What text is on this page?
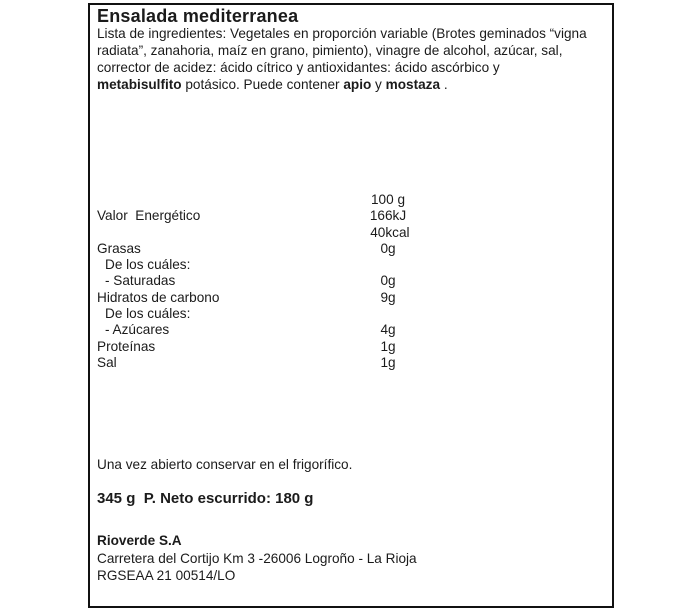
Ensalada mediterranea
Lista de ingredientes: Vegetales en proporción variable (Brotes geminados “vigna
radiata”, zanahoria, maíz en grano, pimiento), vinagre de alcohol, azúcar, sal,
corrector de acidez: ácido cítrico y antioxidantes: ácido ascórbico y
metabisulfito potásico. Puede contener apio y mostaza .
100 g
Valor  Energético	166kJ
40kcal
Grasas	0g
De los cuáles:
- Saturadas	0g
Hidratos de carbono	9g
De los cuáles:
- Azúcares	4g
Proteínas	1g
Sal	1g
Una vez abierto conservar en el frigorífico.
345 g  P. Neto escurrido: 180 g
Rioverde S.A
Carretera del Cortijo Km 3 -26006 Logroño - La Rioja
RGSEAA 21 00514/LO
